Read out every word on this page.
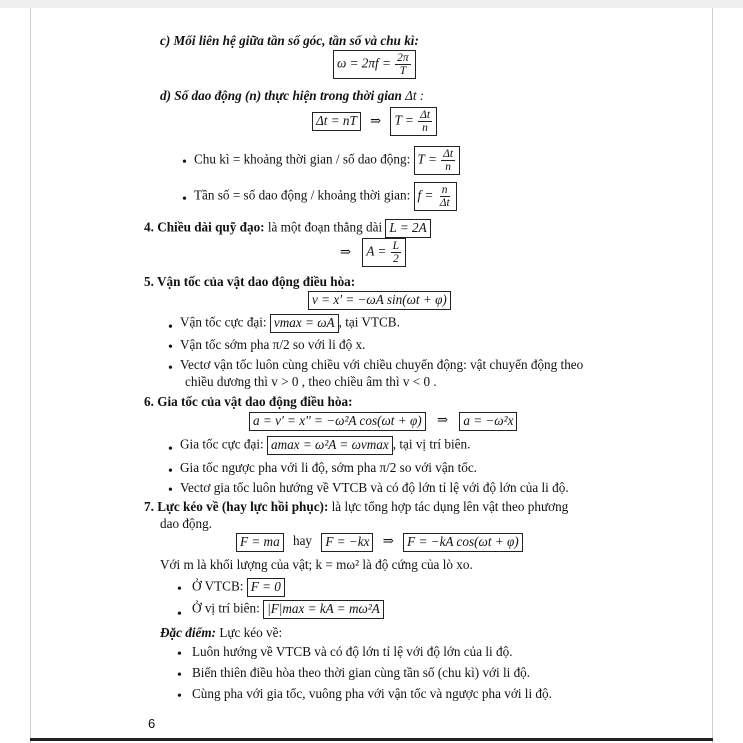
c) Mối liên hệ giữa tần số góc, tần số và chu kì:
$\omega = 2\pi f = \frac{2\pi}{T}$
d) Số dao động (n) thực hiện trong thời gian Δt :
Δt = nT ⇒ $T = \frac{\Delta t}{n}$
• Chu kì = khoảng thời gian / số dao động: $T = \frac{\Delta t}{n}$
• Tần số = số dao động / khoảng thời gian: $f = \frac{n}{\Delta t}$
4. Chiều dài quỹ đạo: là một đoạn thẳng dài L = 2A
⇒ $A = \frac{L}{2}$
5. Vận tốc của vật dao động điều hòa:
v = x' = −ωA sin(ωt + φ)
• Vận tốc cực đại: vmax = ωA , tại VTCB.
• Vận tốc sớm pha π/2 so với li độ x.
• Vectơ vận tốc luôn cùng chiều với chiều chuyển động: vật chuyển động theo
chiều dương thì v > 0 , theo chiều âm thì v < 0 .
6. Gia tốc của vật dao động điều hòa:
a = v' = x'' = −ω²A cos(ωt + φ) ⇒ a = −ω²x
• Gia tốc cực đại: amax = ω²A = ωvmax , tại vị trí biên.
• Gia tốc ngược pha với li độ, sớm pha π/2 so với vận tốc.
• Vectơ gia tốc luôn hướng về VTCB và có độ lớn tỉ lệ với độ lớn của li độ.
7. Lực kéo về (hay lực hồi phục): là lực tổng hợp tác dụng lên vật theo phương
dao động.
F = ma hay F = −kx ⇒ F = −kA cos(ωt + φ)
Với m là khối lượng của vật; k = mω² là độ cứng của lò xo.
• Ở VTCB: F = 0
• Ở vị trí biên: |F|max = kA = mω²A
Đặc điểm: Lực kéo về:
• Luôn hướng về VTCB và có độ lớn tỉ lệ với độ lớn của li độ.
• Biến thiên điều hòa theo thời gian cùng tần số (chu kì) với li độ.
• Cùng pha với gia tốc, vuông pha với vận tốc và ngược pha với li độ.
6
